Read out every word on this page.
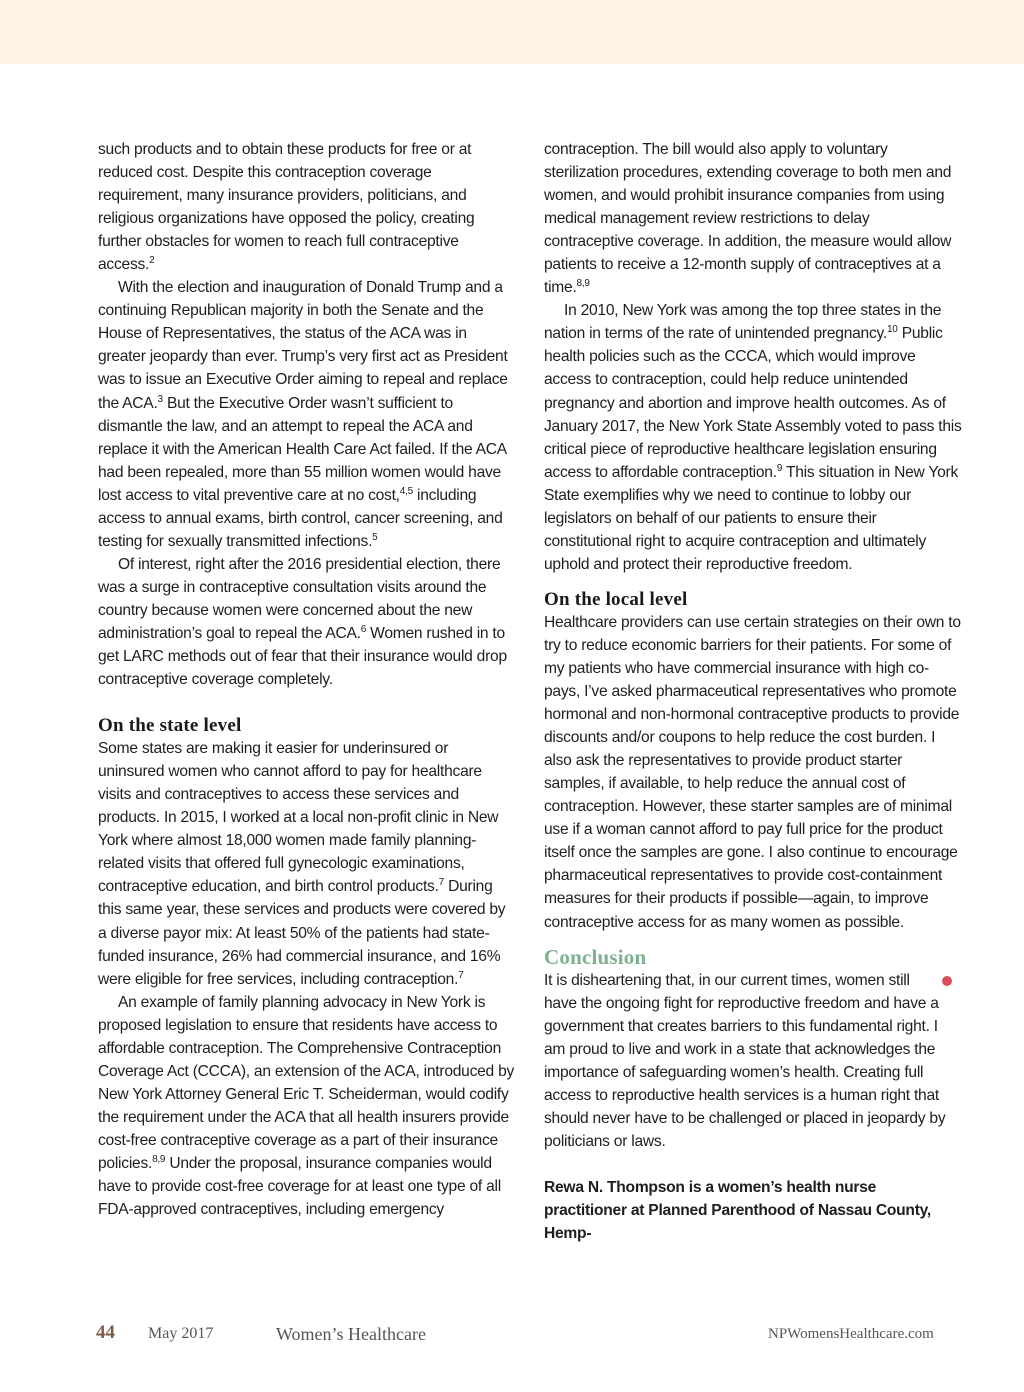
such products and to obtain these products for free or at reduced cost. Despite this contraception coverage requirement, many insurance providers, politicians, and religious organizations have opposed the policy, creating further obstacles for women to reach full contraceptive access.$^2$

With the election and inauguration of Donald Trump and a continuing Republican majority in both the Senate and the House of Representatives, the status of the ACA was in greater jeopardy than ever. Trump’s very first act as President was to issue an Executive Order aiming to repeal and replace the ACA.$^3$ But the Executive Order wasn’t sufficient to dismantle the law, and an attempt to repeal the ACA and replace it with the American Health Care Act failed. If the ACA had been repealed, more than 55 million women would have lost access to vital preventive care at no cost,$^{4,5}$ including access to annual exams, birth control, cancer screening, and testing for sexually transmitted infections.$^5$

Of interest, right after the 2016 presidential election, there was a surge in contraceptive consultation visits around the country because women were concerned about the new administration’s goal to repeal the ACA.$^6$ Women rushed in to get LARC methods out of fear that their insurance would drop contraceptive coverage completely.

On the state level

Some states are making it easier for underinsured or uninsured women who cannot afford to pay for healthcare visits and contraceptives to access these services and products. In 2015, I worked at a local non-profit clinic in New York where almost 18,000 women made family planning-related visits that offered full gynecologic examinations, contraceptive education, and birth control products.$^7$ During this same year, these services and products were covered by a diverse payor mix: At least 50% of the patients had state-funded insurance, 26% had commercial insurance, and 16% were eligible for free services, including contraception.$^7$

An example of family planning advocacy in New York is proposed legislation to ensure that residents have access to affordable contraception. The Comprehensive Contraception Coverage Act (CCCA), an extension of the ACA, introduced by New York Attorney General Eric T. Scheiderman, would codify the requirement under the ACA that all health insurers provide cost-free contraceptive coverage as a part of their insurance policies.$^{8,9}$ Under the proposal, insurance companies would have to provide cost-free coverage for at least one type of all FDA-approved contraceptives, including emergency

contraception. The bill would also apply to voluntary sterilization procedures, extending coverage to both men and women, and would prohibit insurance companies from using medical management review restrictions to delay contraceptive coverage. In addition, the measure would allow patients to receive a 12-month supply of contraceptives at a time.$^{8,9}$

In 2010, New York was among the top three states in the nation in terms of the rate of unintended pregnancy.$^{10}$ Public health policies such as the CCCA, which would improve access to contraception, could help reduce unintended pregnancy and abortion and improve health outcomes. As of January 2017, the New York State Assembly voted to pass this critical piece of reproductive healthcare legislation ensuring access to affordable contraception.$^9$ This situation in New York State exemplifies why we need to continue to lobby our legislators on behalf of our patients to ensure their constitutional right to acquire contraception and ultimately uphold and protect their reproductive freedom.

On the local level

Healthcare providers can use certain strategies on their own to try to reduce economic barriers for their patients. For some of my patients who have commercial insurance with high co-pays, I’ve asked pharmaceutical representatives who promote hormonal and non-hormonal contraceptive products to provide discounts and/or coupons to help reduce the cost burden. I also ask the representatives to provide product starter samples, if available, to help reduce the annual cost of contraception. However, these starter samples are of minimal use if a woman cannot afford to pay full price for the product itself once the samples are gone. I also continue to encourage pharmaceutical representatives to provide cost-containment measures for their products if possible—again, to improve contraceptive access for as many women as possible.

Conclusion

It is disheartening that, in our current times, women still have the ongoing fight for reproductive freedom and have a government that creates barriers to this fundamental right. I am proud to live and work in a state that acknowledges the importance of safeguarding women’s health. Creating full access to reproductive health services is a human right that should never have to be challenged or placed in jeopardy by politicians or laws.

Rewa N. Thompson is a women’s health nurse practitioner at Planned Parenthood of Nassau County, Hemp-

44 May 2017	Women’s Healthcare	NPWomensHealthcare.com
